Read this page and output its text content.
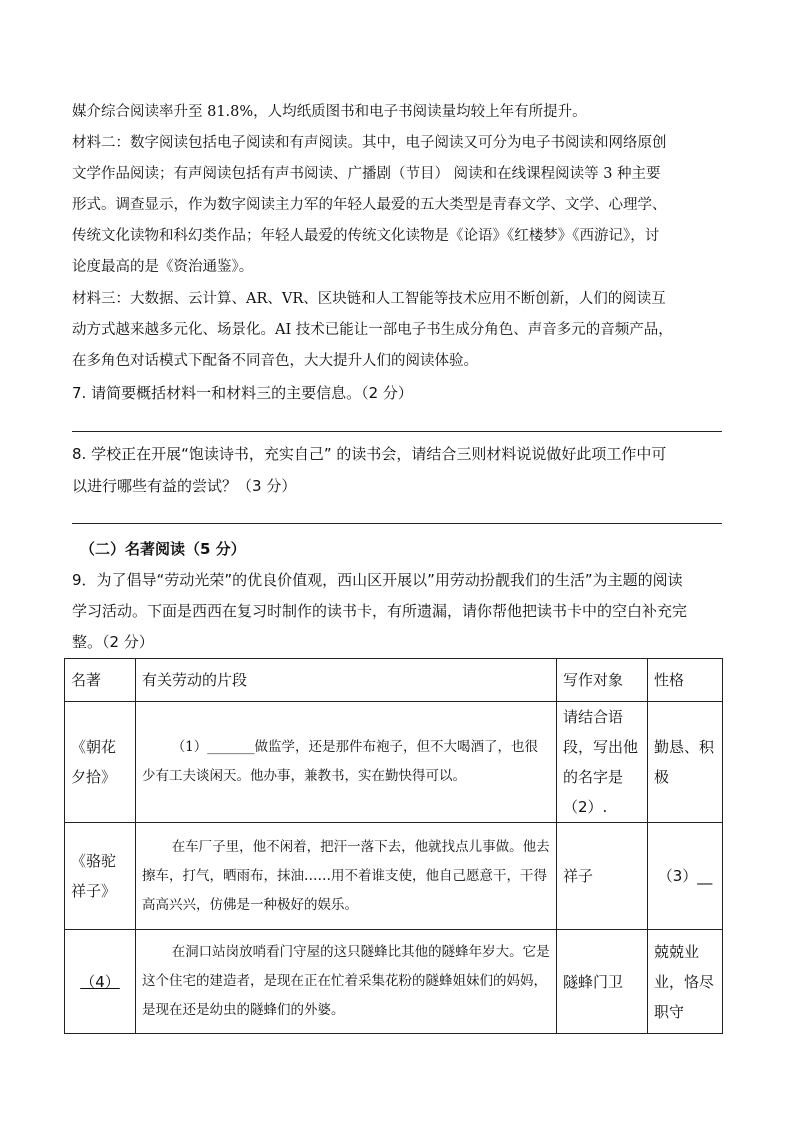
媒介综合阅读率升至 81.8%，人均纸质图书和电子书阅读量均较上年有所提升。
材料二：数字阅读包括电子阅读和有声阅读。其中，电子阅读又可分为电子书阅读和网络原创
文学作品阅读；有声阅读包括有声书阅读、广播剧（节目） 阅读和在线课程阅读等 3 种主要
形式。调查显示，作为数字阅读主力军的年轻人最爱的五大类型是青春文学、文学、心理学、
传统文化读物和科幻类作品；年轻人最爱的传统文化读物是《论语》《红楼梦》《西游记》，讨
论度最高的是《资治通鉴》。
材料三：大数据、云计算、AR、VR、区块链和人工智能等技术应用不断创新，人们的阅读互
动方式越来越多元化、场景化。AI 技术已能让一部电子书生成分角色、声音多元的音频产品，
在多角色对话模式下配备不同音色，大大提升人们的阅读体验。
7. 请简要概括材料一和材料三的主要信息。（2 分）
8. 学校正在开展“饱读诗书，充实自己” 的读书会，请结合三则材料说说做好此项工作中可
以进行哪些有益的尝试？（3 分）
（二）名著阅读（5 分）
9．为了倡导“劳动光荣”的优良价值观，西山区开展以”用劳动扮靓我们的生活”为主题的阅读
学习活动。下面是西西在复习时制作的读书卡，有所遗漏，请你帮他把读书卡中的空白补充完
整。（2 分）
名著	有关劳动的片段	写作对象	性格
《朝花夕拾》	（1）_______做监学，还是那件布袍子，但不大喝酒了，也很少有工夫谈闲天。他办事，兼教书，实在勤快得可以。	请结合语段，写出他的名字是（2）.	勤恳、积极
《骆驼祥子》	在车厂子里，他不闲着，把汗一落下去，他就找点儿事做。他去擦车，打气，晒雨布，抹油……用不着谁支使，他自己愿意干，干得高高兴兴，仿佛是一种极好的娱乐。	祥子	（3）__
（4）	在洞口站岗放哨看门守屋的这只隧蜂比其他的隧蜂年岁大。它是这个住宅的建造者，是现在正在忙着采集花粉的隧蜂姐妹们的妈妈，是现在还是幼虫的隧蜂们的外婆。	隧蜂门卫	兢兢业业，恪尽职守
